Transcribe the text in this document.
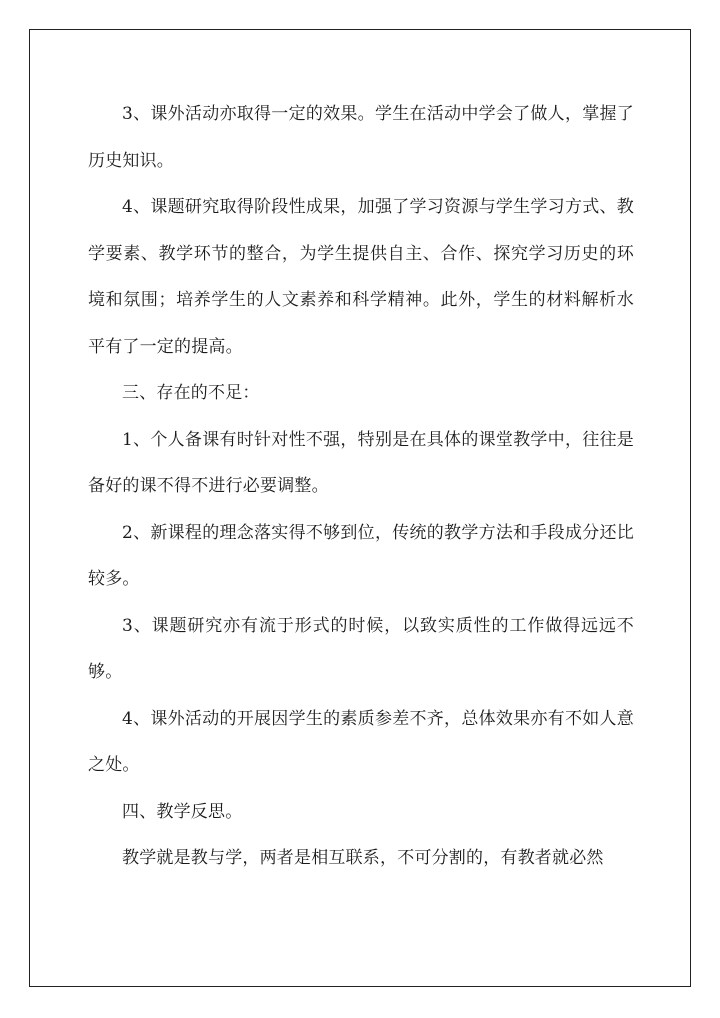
3、课外活动亦取得一定的效果。学生在活动中学会了做人，掌握了历史知识。

4、课题研究取得阶段性成果，加强了学习资源与学生学习方式、教学要素、教学环节的整合，为学生提供自主、合作、探究学习历史的环境和氛围；培养学生的人文素养和科学精神。此外，学生的材料解析水平有了一定的提高。

三、存在的不足：

1、个人备课有时针对性不强，特别是在具体的课堂教学中，往往是备好的课不得不进行必要调整。

2、新课程的理念落实得不够到位，传统的教学方法和手段成分还比较多。

3、课题研究亦有流于形式的时候，以致实质性的工作做得远远不够。

4、课外活动的开展因学生的素质参差不齐，总体效果亦有不如人意之处。

四、教学反思。

教学就是教与学，两者是相互联系，不可分割的，有教者就必然
